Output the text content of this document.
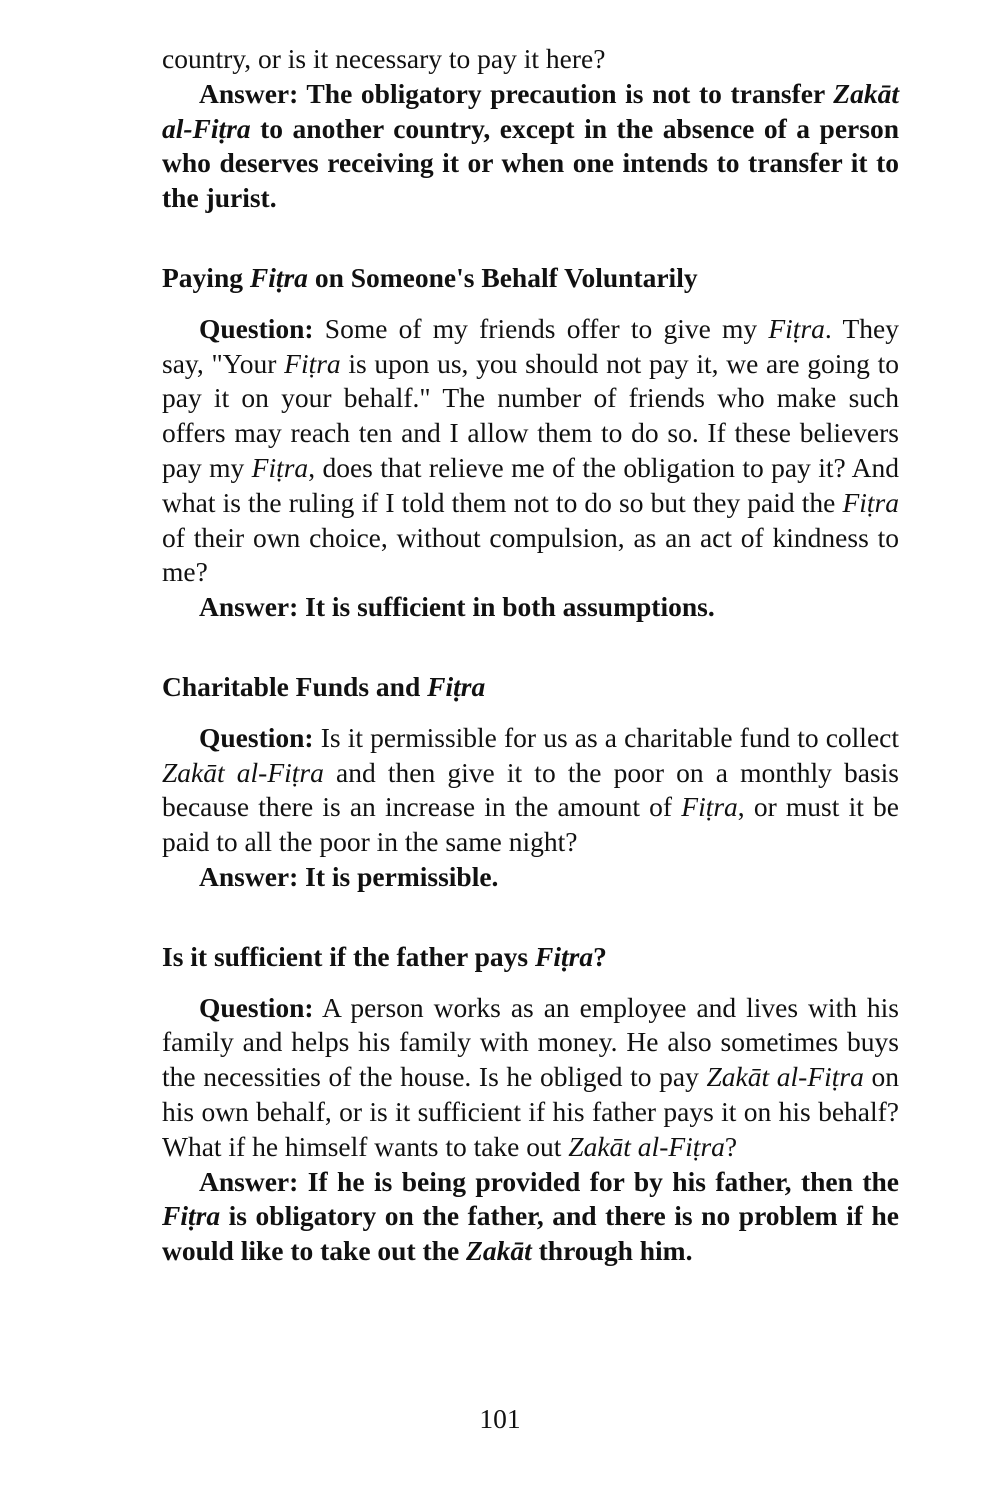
country, or is it necessary to pay it here?

Answer: The obligatory precaution is not to transfer Zakāt al-Fiṭra to another country, except in the absence of a person who deserves receiving it or when one intends to transfer it to the jurist.

Paying Fiṭra on Someone's Behalf Voluntarily

Question: Some of my friends offer to give my Fiṭra. They say, "Your Fiṭra is upon us, you should not pay it, we are going to pay it on your behalf." The number of friends who make such offers may reach ten and I allow them to do so. If these believers pay my Fiṭra, does that relieve me of the obligation to pay it? And what is the ruling if I told them not to do so but they paid the Fiṭra of their own choice, without compulsion, as an act of kindness to me?

Answer: It is sufficient in both assumptions.

Charitable Funds and Fiṭra

Question: Is it permissible for us as a charitable fund to collect Zakāt al-Fiṭra and then give it to the poor on a monthly basis because there is an increase in the amount of Fiṭra, or must it be paid to all the poor in the same night?

Answer: It is permissible.

Is it sufficient if the father pays Fiṭra?

Question: A person works as an employee and lives with his family and helps his family with money. He also sometimes buys the necessities of the house. Is he obliged to pay Zakāt al-Fiṭra on his own behalf, or is it sufficient if his father pays it on his behalf? What if he himself wants to take out Zakāt al-Fiṭra?

Answer: If he is being provided for by his father, then the Fiṭra is obligatory on the father, and there is no problem if he would like to take out the Zakāt through him.

101
